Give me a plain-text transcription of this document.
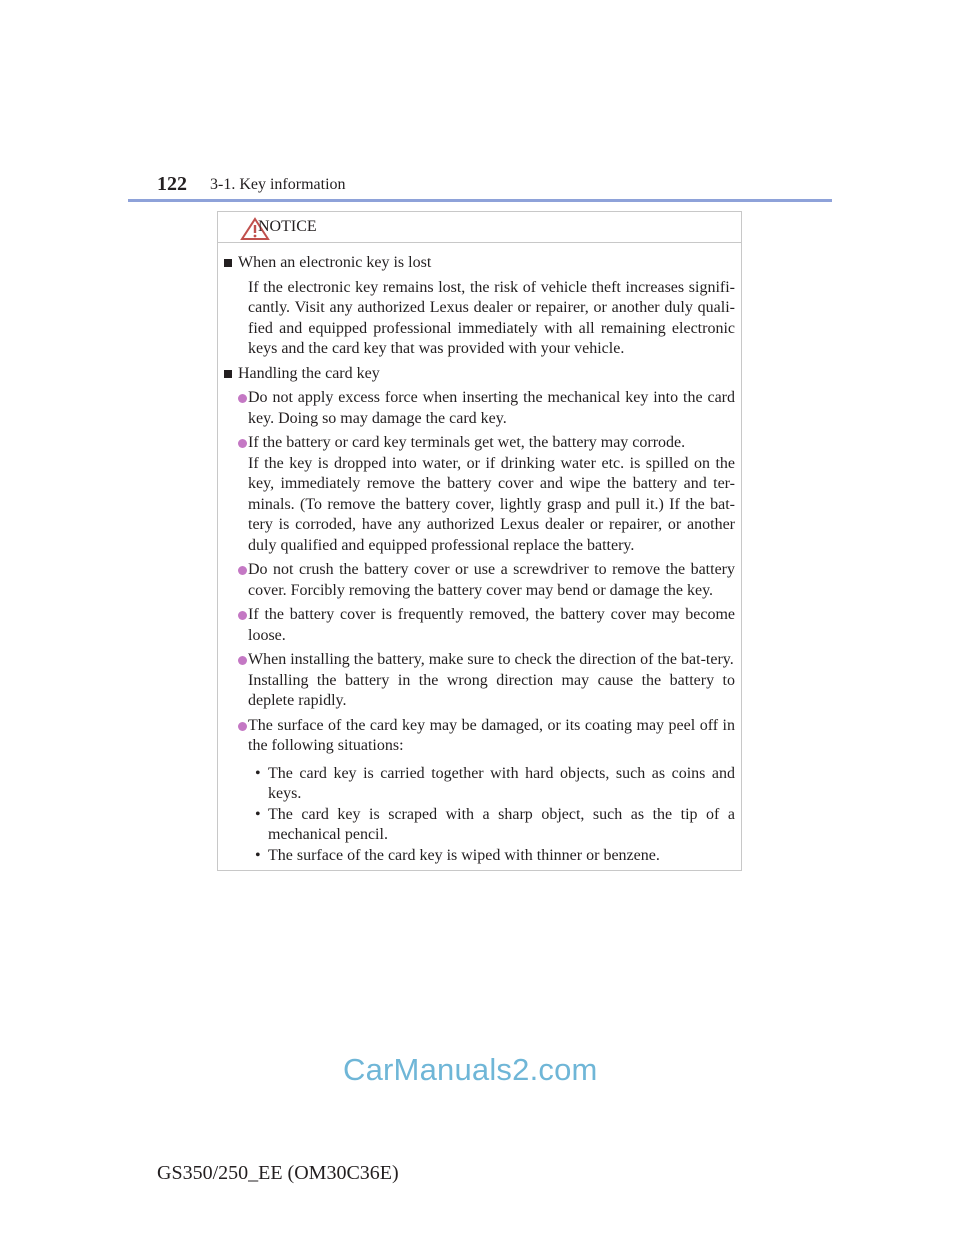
122 3-1. Key information
NOTICE
When an electronic key is lost
If the electronic key remains lost, the risk of vehicle theft increases signifi-cantly. Visit any authorized Lexus dealer or repairer, or another duly quali-fied and equipped professional immediately with all remaining electronic keys and the card key that was provided with your vehicle.
Handling the card key
Do not apply excess force when inserting the mechanical key into the card key. Doing so may damage the card key.
If the battery or card key terminals get wet, the battery may corrode.
If the key is dropped into water, or if drinking water etc. is spilled on the key, immediately remove the battery cover and wipe the battery and ter-minals. (To remove the battery cover, lightly grasp and pull it.) If the bat-tery is corroded, have any authorized Lexus dealer or repairer, or another duly qualified and equipped professional replace the battery.
Do not crush the battery cover or use a screwdriver to remove the battery cover. Forcibly removing the battery cover may bend or damage the key.
If the battery cover is frequently removed, the battery cover may become loose.
When installing the battery, make sure to check the direction of the bat-tery.
Installing the battery in the wrong direction may cause the battery to deplete rapidly.
The surface of the card key may be damaged, or its coating may peel off in the following situations:
• The card key is carried together with hard objects, such as coins and keys.
• The card key is scraped with a sharp object, such as the tip of a mechanical pencil.
• The surface of the card key is wiped with thinner or benzene.
CarManuals2.com
GS350/250_EE (OM30C36E)
